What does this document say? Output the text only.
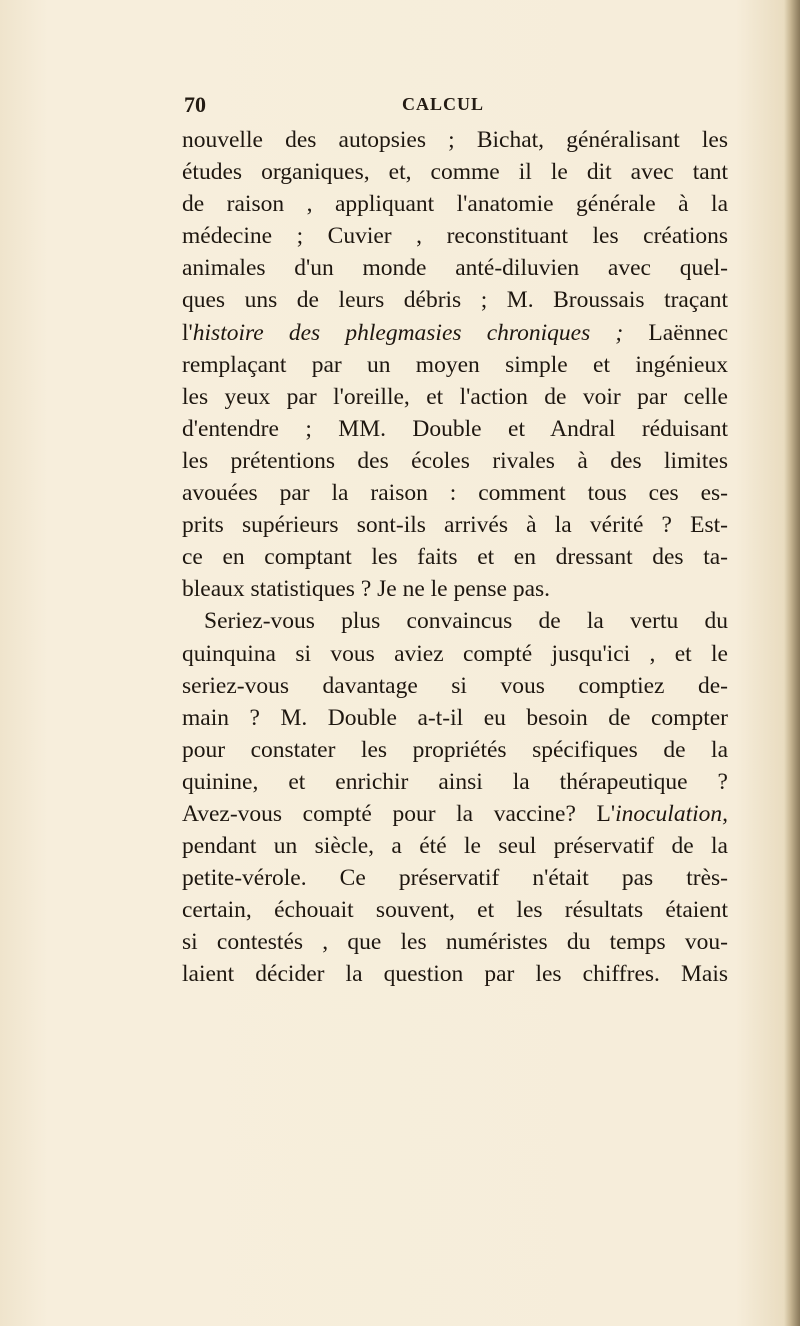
70	CALCUL
nouvelle des autopsies ; Bichat, généralisant les
études organiques, et, comme il le dit avec tant
de raison , appliquant l'anatomie générale à la
médecine ; Cuvier , reconstituant les créations
animales d'un monde anté-diluvien avec quel-
ques uns de leurs débris ; M. Broussais traçant
l'histoire des phlegmasies chroniques ; Laënnec
remplaçant par un moyen simple et ingénieux
les yeux par l'oreille, et l'action de voir par celle
d'entendre ; MM. Double et Andral réduisant
les prétentions des écoles rivales à des limites
avouées par la raison : comment tous ces es-
prits supérieurs sont-ils arrivés à la vérité ? Est-
ce en comptant les faits et en dressant des ta-
bleaux statistiques ? Je ne le pense pas.
Seriez-vous plus convaincus de la vertu du
quinquina si vous aviez compté jusqu'ici , et le
seriez-vous davantage si vous comptiez de-
main ? M. Double a-t-il eu besoin de compter
pour constater les propriétés spécifiques de la
quinine, et enrichir ainsi la thérapeutique ?
Avez-vous compté pour la vaccine? L'inoculation,
pendant un siècle, a été le seul préservatif de la
petite-vérole. Ce préservatif n'était pas très-
certain, échouait souvent, et les résultats étaient
si contestés , que les numéristes du temps vou-
laient décider la question par les chiffres. Mais
